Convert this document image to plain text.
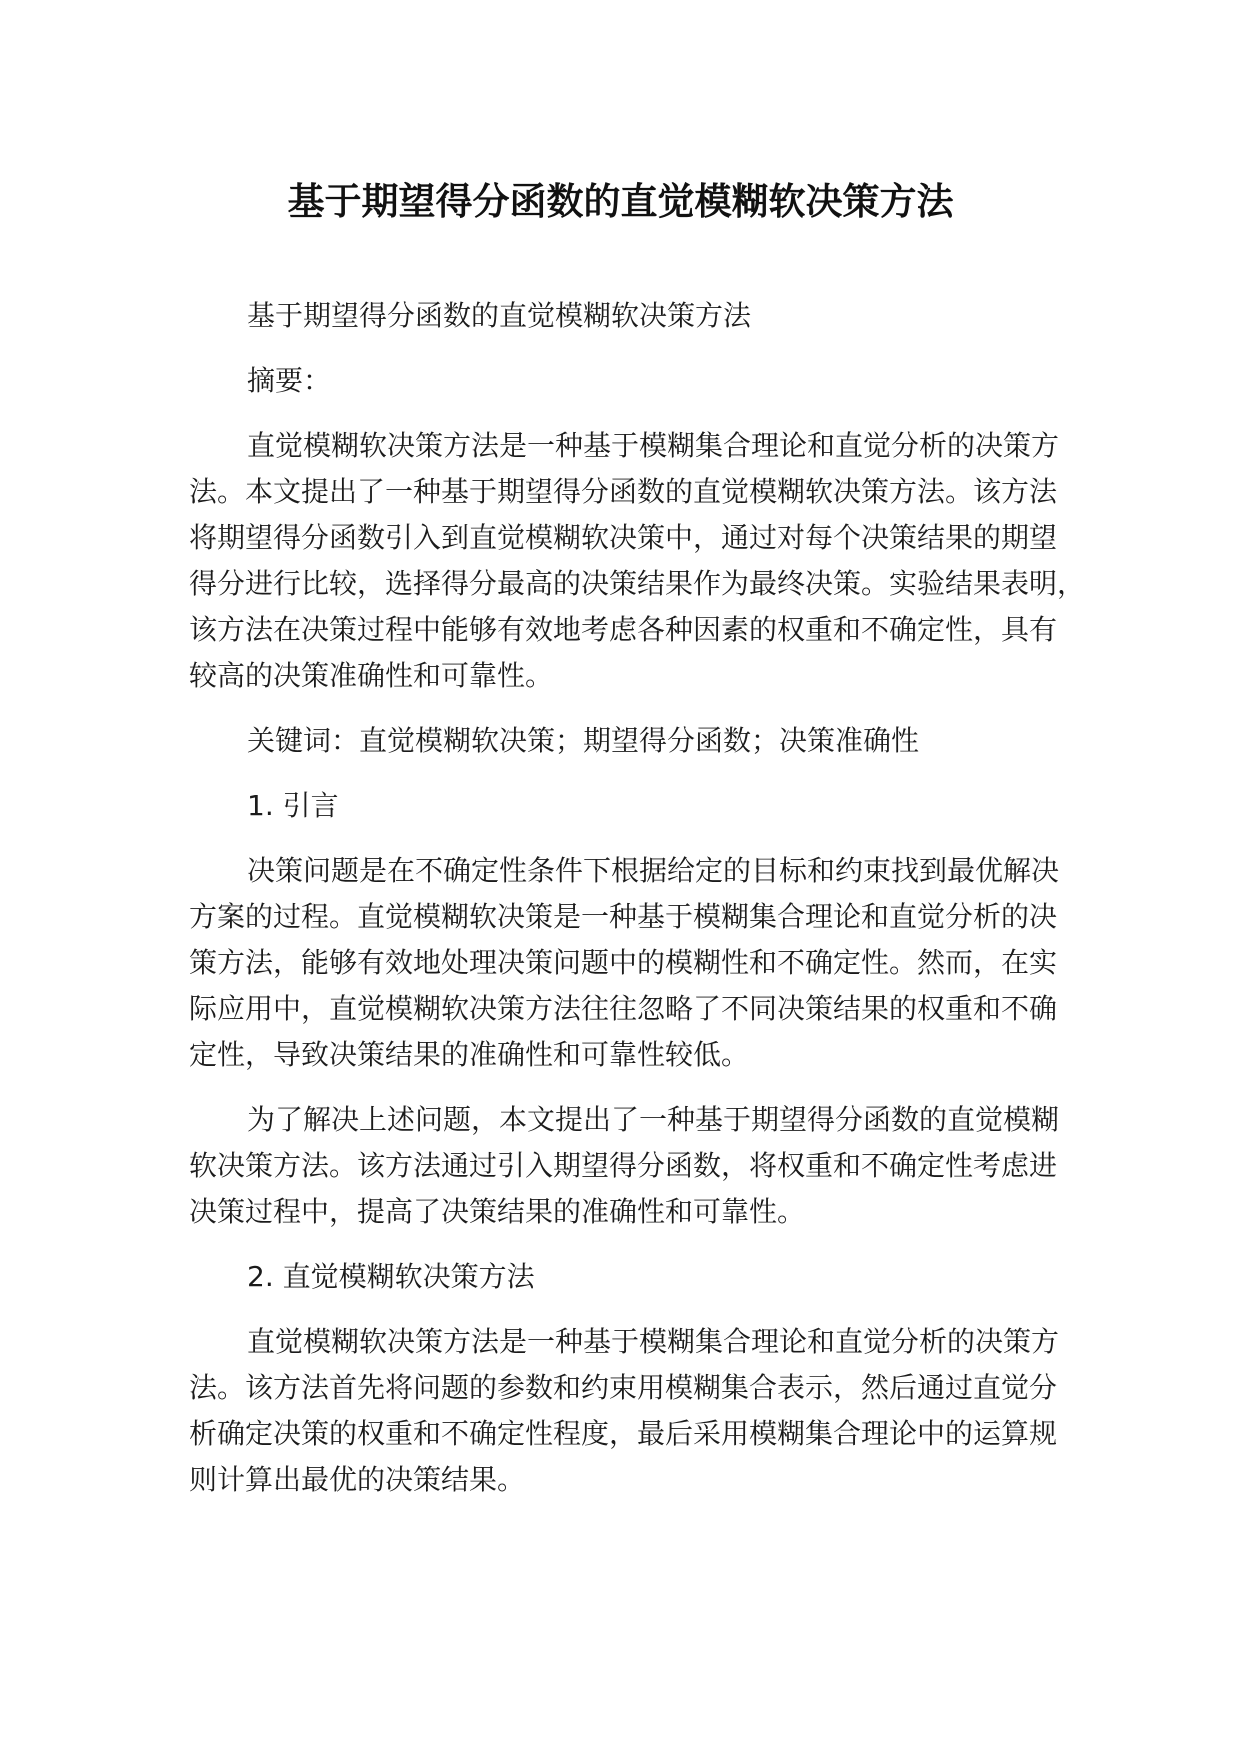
基于期望得分函数的直觉模糊软决策方法
基于期望得分函数的直觉模糊软决策方法
摘要：
直觉模糊软决策方法是一种基于模糊集合理论和直觉分析的决策方
法。本文提出了一种基于期望得分函数的直觉模糊软决策方法。该方法
将期望得分函数引入到直觉模糊软决策中，通过对每个决策结果的期望
得分进行比较，选择得分最高的决策结果作为最终决策。实验结果表明，
该方法在决策过程中能够有效地考虑各种因素的权重和不确定性，具有
较高的决策准确性和可靠性。
关键词：直觉模糊软决策；期望得分函数；决策准确性
1. 引言
决策问题是在不确定性条件下根据给定的目标和约束找到最优解决
方案的过程。直觉模糊软决策是一种基于模糊集合理论和直觉分析的决
策方法，能够有效地处理决策问题中的模糊性和不确定性。然而，在实
际应用中，直觉模糊软决策方法往往忽略了不同决策结果的权重和不确
定性，导致决策结果的准确性和可靠性较低。
为了解决上述问题，本文提出了一种基于期望得分函数的直觉模糊
软决策方法。该方法通过引入期望得分函数，将权重和不确定性考虑进
决策过程中，提高了决策结果的准确性和可靠性。
2. 直觉模糊软决策方法
直觉模糊软决策方法是一种基于模糊集合理论和直觉分析的决策方
法。该方法首先将问题的参数和约束用模糊集合表示，然后通过直觉分
析确定决策的权重和不确定性程度，最后采用模糊集合理论中的运算规
则计算出最优的决策结果。
